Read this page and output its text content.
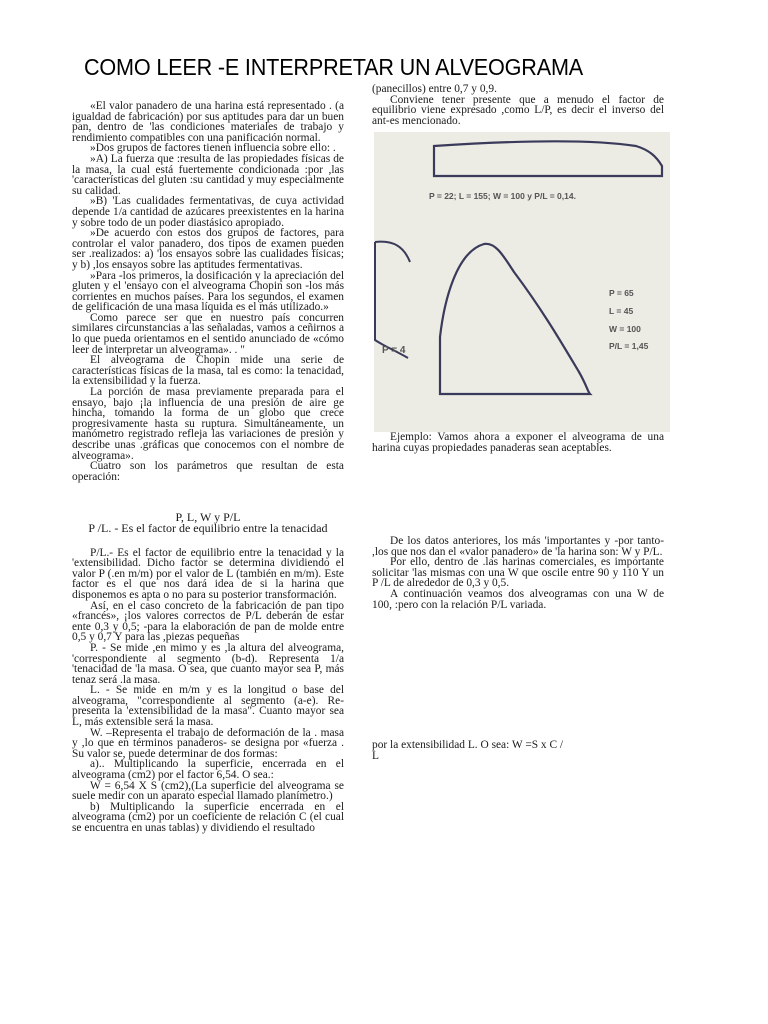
COMO LEER -E INTERPRETAR UN ALVEOGRAMA

«El valor panadero de una harina está representado . (a igualdad de fabricación) por sus aptitudes para dar un buen pan, dentro de 'las condiciones materiales de trabajo y rendimiento compatibles con una panificación normal.

»Dos grupos de factores tienen influencia sobre ello: .

»A) La fuerza que :resulta de las propiedades físicas de la masa, la cual está fuertemente condicionada :por ,las 'características del gluten :su cantidad y muy especialmente su calidad.

»B) 'Las cualidades fermentativas, de cuya actividad depende 1/a cantidad de azúcares preexistentes en la harina y sobre todo de un poder diastásico apropiado.

»De acuerdo con estos dos grupos de factores, para controlar el valor panadero, dos tipos de examen pueden ser .realizados: a) 'los ensayos sobre las cualidades físicas; y b) ,los ensayos sobre las aptitudes fermentativas.

»Para -los primeros, la dosificación y la apreciación del gluten y el 'ensayo con el alveograma Chopin son -los más corrientes en muchos países. Para los segundos, el examen de gelificación de una masa líquida es el más utilizado.»

Como parece ser que en nuestro país concurren similares circunstancias a las señaladas, vamos a ceñirnos a lo que pueda orientamos en el sentido anunciado de «cómo leer de interpretar un alveograma». . "

El alveograma de Chopin mide una serie de características físicas de la masa, tal es como: la tenacidad, la extensibilidad y la fuerza.

La porción de masa previamente preparada para el ensayo, bajo ¡la influencia de una presión de aire ge hincha, tomando la forma de un globo que crece progresivamente hasta su ruptura. Simultáneamente, un manómetro registrado refleja las variaciones de presión y describe unas .gráficas que conocemos con el nombre de alveograma».

Cuatro son los parámetros que resultan de esta operación:

P, L, W y P/L

P /L. - Es el factor de equilibrio entre la tenacidad

P/L.- Es el factor de equilibrio entre la tenacidad y la 'extensibilidad. Dicho factor se determina dividiendo el valor P (.en m/m) por el valor de L (también en m/m). Este factor es el que nos dará idea de si la harina que disponemos es apta o no para su posterior transformación.

Así, en el caso concreto de la fabricación de pan tipo «francés», ¡los valores correctos de P/L deberán de estar ente 0,3 y 0,5; -para la elaboración de pan de molde entre 0,5 y 0,7 Y para las ,piezas pequeñas

P. - Se mide ,en mimo y es ,la altura del alveograma, 'correspondiente al segmento (b-d). Representa 1/a 'tenacidad de 'la masa. O sea, que cuanto mayor sea P, más tenaz será .la masa.

L. - Se mide en m/m y es la longitud o base del alveograma, "correspondiente al segmento (a-e). Re-presenta la 'extensibilidad de la masa". Cuanto mayor sea L, más extensible será la masa.

W. –Representa el trabajo de deformación de la . masa y ,lo que en términos panaderos- se designa por «fuerza . Su valor se, puede determinar de dos formas:

a).. Multiplicando la superficie, encerrada en el alveograma (cm2) por el factor 6,54. O sea.:

W = 6,54 X S (cm2),(La superficie del alveograma se suele medir con un aparato especial llamado planímetro.)

b) Multiplicando la superficie encerrada en el alveograma (cm2) por un coeficiente de relación C (el cual se encuentra en unas tablas) y dividiendo el resultado

(panecillos) entre 0,7 y 0,9.

Conviene tener presente que a menudo el factor de equilibrio viene expresado ,como L/P, es decir el inverso del ant-es mencionado.

P = 22; L = 155; W = 100 y P/L = 0,14.
P = 4
P = 65
L = 45
W = 100
P/L = 1,45

Ejemplo: Vamos ahora a exponer el alveograma de una harina cuyas propiedades panaderas sean aceptables.

De los datos anteriores, los más 'importantes y -por tanto- ,los que nos dan el «valor panadero» de 'la harina son: W y P/L.

Por ello, dentro de .las harinas comerciales, es importante solicitar 'las mismas con una W que oscile entre 90 y 110 Y un P /L de alrededor de 0,3 y 0,5.

A continuación veamos dos alveogramas con una W de 100, :pero con la relación P/L variada.

por la extensibilidad L. O sea: W =S x C /

L
